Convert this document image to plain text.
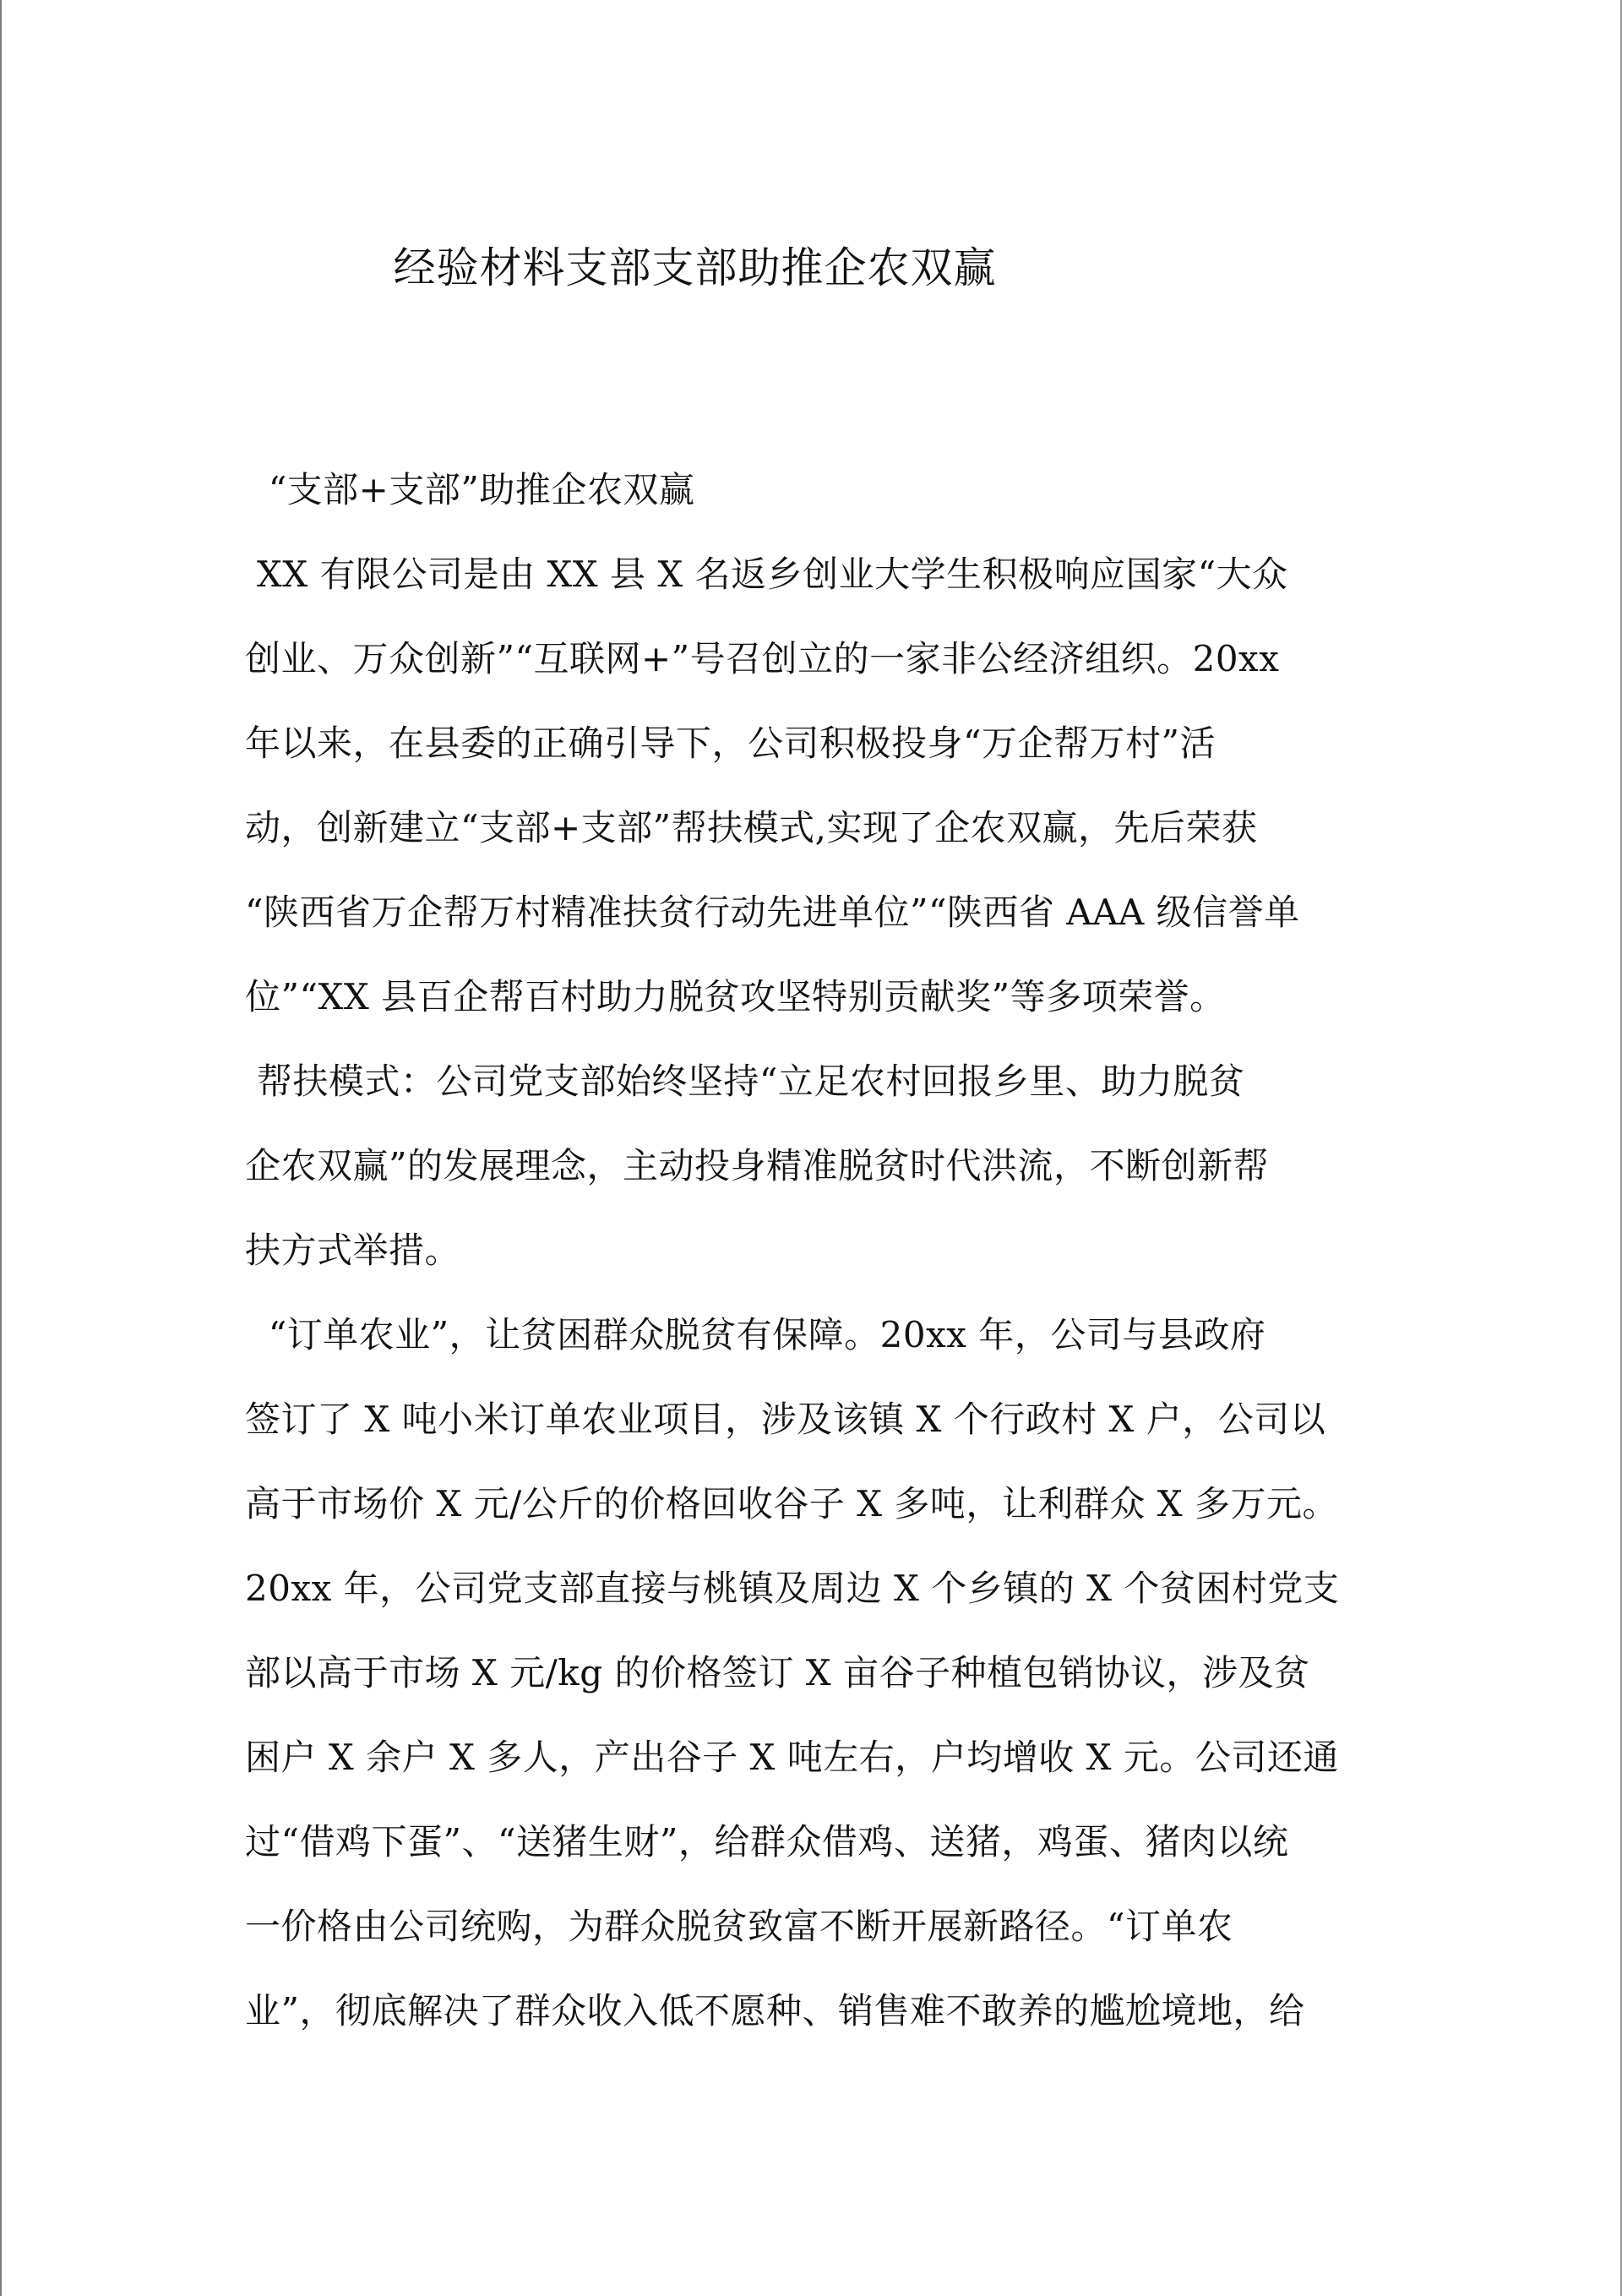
经验材料支部支部助推企农双赢

“支部+支部”助推企农双赢

XX 有限公司是由 XX 县 X 名返乡创业大学生积极响应国家“大众

创业、万众创新”“互联网+”号召创立的一家非公经济组织。20xx

年以来，在县委的正确引导下，公司积极投身“万企帮万村”活

动，创新建立“支部+支部”帮扶模式,实现了企农双赢，先后荣获

“陕西省万企帮万村精准扶贫行动先进单位”“陕西省 AAA 级信誉单

位”“XX 县百企帮百村助力脱贫攻坚特别贡献奖”等多项荣誉。

帮扶模式：公司党支部始终坚持“立足农村回报乡里、助力脱贫

企农双赢”的发展理念，主动投身精准脱贫时代洪流，不断创新帮

扶方式举措。

“订单农业”，让贫困群众脱贫有保障。20xx 年，公司与县政府

签订了 X 吨小米订单农业项目，涉及该镇 X 个行政村 X 户，公司以

高于市场价 X 元/公斤的价格回收谷子 X 多吨，让利群众 X 多万元。

20xx 年，公司党支部直接与桃镇及周边 X 个乡镇的 X 个贫困村党支

部以高于市场 X 元/kg 的价格签订 X 亩谷子种植包销协议，涉及贫

困户 X 余户 X 多人，产出谷子 X 吨左右，户均增收 X 元。公司还通

过“借鸡下蛋”、“送猪生财”，给群众借鸡、送猪，鸡蛋、猪肉以统

一价格由公司统购，为群众脱贫致富不断开展新路径。“订单农

业”，彻底解决了群众收入低不愿种、销售难不敢养的尴尬境地，给
